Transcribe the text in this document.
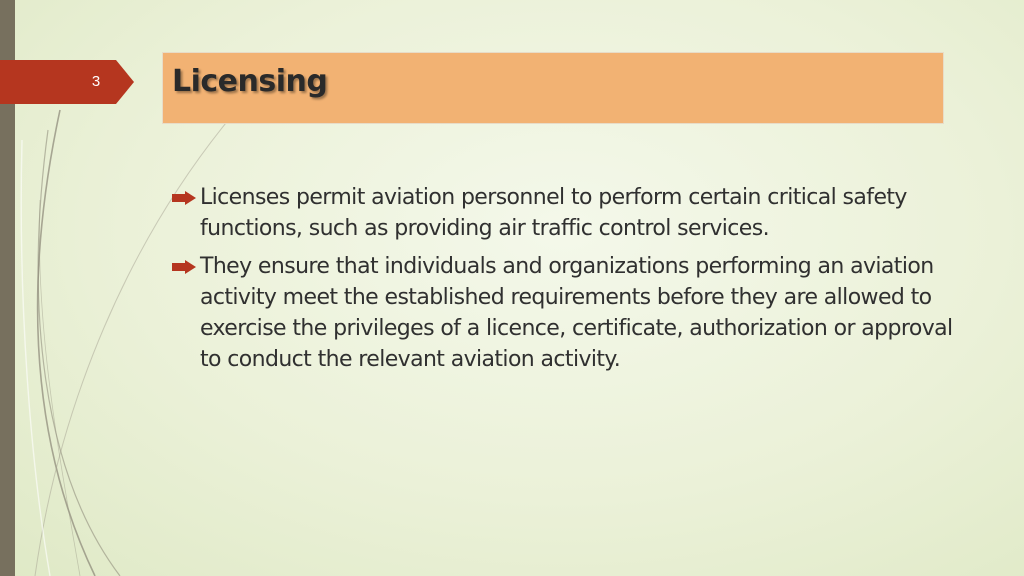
3	Licensing
Licenses permit aviation personnel to perform certain critical safety functions, such as providing air traffic control services.
They ensure that individuals and organizations performing an aviation activity meet the established requirements before they are allowed to exercise the privileges of a licence, certificate, authorization or approval to conduct the relevant aviation activity.
